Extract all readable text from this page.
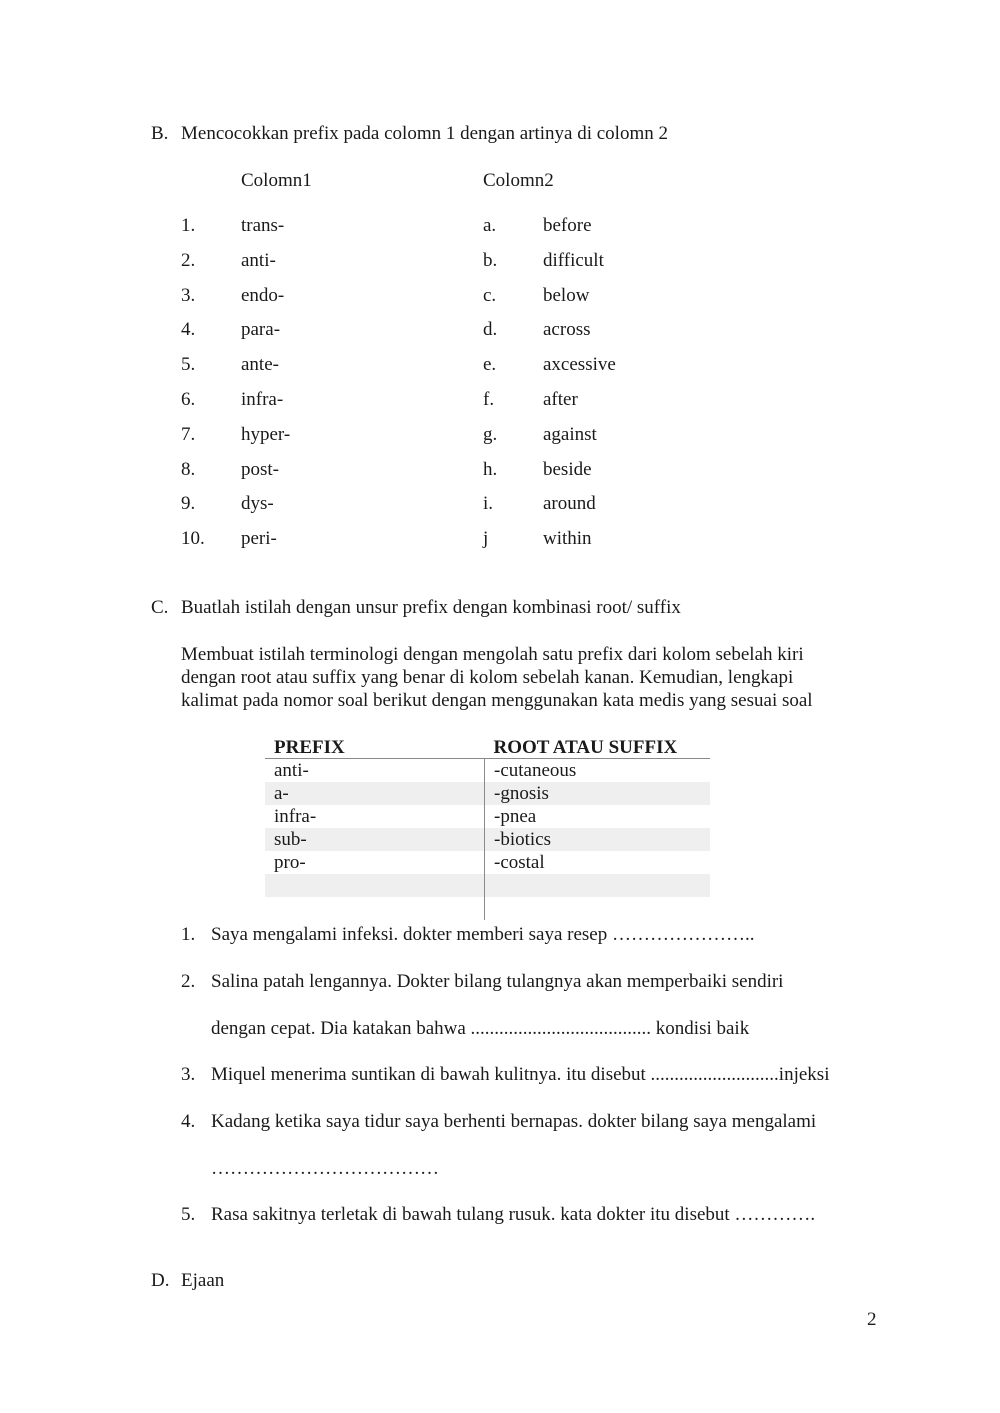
B. Mencocokkan prefix pada colomn 1 dengan artinya di colomn 2
Colomn1	Colomn2
1. trans-	a. before
2. anti-	b. difficult
3. endo-	c. below
4. para-	d. across
5. ante-	e. axcessive
6. infra-	f.	after
7. hyper-	g. against
8. post-	h. beside
9. dys-	i.	around
10. peri-	j	within
C. Buatlah istilah dengan unsur prefix dengan kombinasi root/ suffix
Membuat istilah terminologi dengan mengolah satu prefix dari kolom sebelah kiri
dengan root atau suffix yang benar di kolom sebelah kanan. Kemudian, lengkapi
kalimat pada nomor soal berikut dengan menggunakan kata medis yang sesuai soal
PREFIX	ROOT ATAU SUFFIX
anti-	-cutaneous
a-	-gnosis
infra-	-pnea
sub-	-biotics
pro-	-costal

1. Saya mengalami infeksi. dokter memberi saya resep …………………..
2. Salina patah lengannya. Dokter bilang tulangnya akan memperbaiki sendiri
dengan cepat. Dia katakan bahwa ...................................... kondisi baik
3. Miquel menerima suntikan di bawah kulitnya. itu disebut ...........................injeksi
4. Kadang ketika saya tidur saya berhenti bernapas. dokter bilang saya mengalami
………………………………
5. Rasa sakitnya terletak di bawah tulang rusuk. kata dokter itu disebut ………….
D. Ejaan
2
